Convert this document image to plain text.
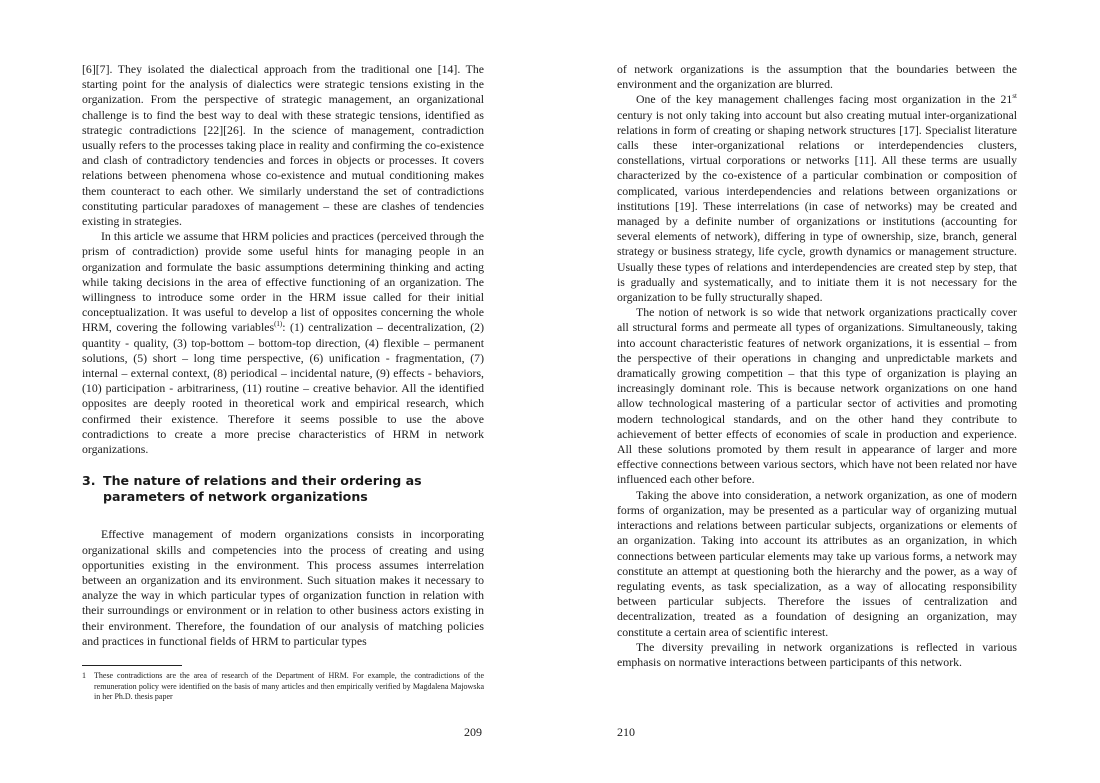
[6][7]. They isolated the dialectical approach from the traditional one [14]. The starting point for the analysis of dialectics were strategic tensions existing in the organization. From the perspective of strategic management, an organizational challenge is to find the best way to deal with these strategic tensions, identified as strategic contradictions [22][26]. In the science of management, contradiction usually refers to the processes taking place in reality and confirming the co-existence and clash of contradictory tendencies and forces in objects or processes. It covers relations between phenomena whose co-existence and mutual conditioning makes them counteract to each other. We similarly understand the set of contradictions constituting particular paradoxes of management – these are clashes of tendencies existing in strategies.

In this article we assume that HRM policies and practices (perceived through the prism of contradiction) provide some useful hints for managing people in an organization and formulate the basic assumptions determining thinking and acting while taking decisions in the area of effective functioning of an organization. The willingness to introduce some order in the HRM issue called for their initial conceptualization. It was useful to develop a list of opposites concerning the whole HRM, covering the following variables$^{(1)}$: (1) centralization – decentralization, (2) quantity - quality, (3) top-bottom – bottom-top direction, (4) flexible – permanent solutions, (5) short – long time perspective, (6) unification - fragmentation, (7) internal – external context, (8) periodical – incidental nature, (9) effects - behaviors, (10) participation - arbitrariness, (11) routine – creative behavior. All the identified opposites are deeply rooted in theoretical work and empirical research, which confirmed their existence. Therefore it seems possible to use the above contradictions to create a more precise characteristics of HRM in network organizations.

3. The nature of relations and their ordering as parameters of network organizations

Effective management of modern organizations consists in incorporating organizational skills and competencies into the process of creating and using opportunities existing in the environment. This process assumes interrelation between an organization and its environment. Such situation makes it necessary to analyze the way in which particular types of organization function in relation with their surroundings or environment or in relation to other business actors existing in their environment. Therefore, the foundation of our analysis of matching policies and practices in functional fields of HRM to particular types

1	These contradictions are the area of research of the Department of HRM. For example, the contradictions of the remuneration policy were identified on the basis of many articles and then empirically verified by Magdalena Majowska in her Ph.D. thesis paper
209

of network organizations is the assumption that the boundaries between the environment and the organization are blurred.

One of the key management challenges facing most organization in the 21st century is not only taking into account but also creating mutual inter-organizational relations in form of creating or shaping network structures [17]. Specialist literature calls these inter-organizational relations or interdependencies clusters, constellations, virtual corporations or networks [11]. All these terms are usually characterized by the co-existence of a particular combination or composition of complicated, various interdependencies and relations between organizations or institutions [19]. These interrelations (in case of networks) may be created and managed by a definite number of organizations or institutions (accounting for several elements of network), differing in type of ownership, size, branch, general strategy or business strategy, life cycle, growth dynamics or management structure. Usually these types of relations and interdependencies are created step by step, that is gradually and systematically, and to initiate them it is not necessary for the organization to be fully structurally shaped.

The notion of network is so wide that network organizations practically cover all structural forms and permeate all types of organizations. Simultaneously, taking into account characteristic features of network organizations, it is essential – from the perspective of their operations in changing and unpredictable markets and dramatically growing competition – that this type of organization is playing an increasingly dominant role. This is because network organizations on one hand allow technological mastering of a particular sector of activities and promoting modern technological standards, and on the other hand they contribute to achievement of better effects of economies of scale in production and experience. All these solutions promoted by them result in appearance of larger and more effective connections between various sectors, which have not been related nor have influenced each other before.

Taking the above into consideration, a network organization, as one of modern forms of organization, may be presented as a particular way of organizing mutual interactions and relations between particular subjects, organizations or elements of an organization. Taking into account its attributes as an organization, in which connections between particular elements may take up various forms, a network may constitute an attempt at questioning both the hierarchy and the power, as a way of regulating events, as task specialization, as a way of allocating responsibility between particular subjects. Therefore the issues of centralization and decentralization, treated as a foundation of designing an organization, may constitute a certain area of scientific interest.

The diversity prevailing in network organizations is reflected in various emphasis on normative interactions between participants of this network.

210
